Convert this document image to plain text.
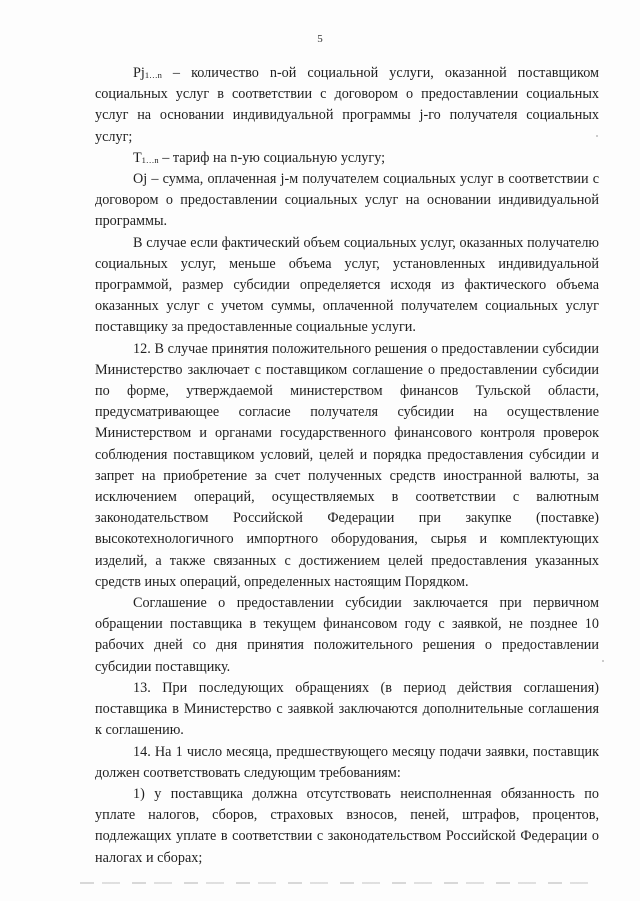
5

$Pj_{1\dots n}$ – количество n-ой социальной услуги, оказанной поставщиком социальных услуг в соответствии с договором о предоставлении социальных услуг на основании индивидуальной программы j-го получателя социальных услуг;

$T_{1\dots n}$ – тариф на n-ую социальную услугу;

Oj – сумма, оплаченная j-м получателем социальных услуг в соответствии с договором о предоставлении социальных услуг на основании индивидуальной программы.

В случае если фактический объем социальных услуг, оказанных получателю социальных услуг, меньше объема услуг, установленных индивидуальной программой, размер субсидии определяется исходя из фактического объема оказанных услуг с учетом суммы, оплаченной получателем социальных услуг поставщику за предоставленные социальные услуги.

12. В случае принятия положительного решения о предоставлении субсидии Министерство заключает с поставщиком соглашение о предоставлении субсидии по форме, утверждаемой министерством финансов Тульской области, предусматривающее согласие получателя субсидии на осуществление Министерством и органами государственного финансового контроля проверок соблюдения поставщиком условий, целей и порядка предоставления субсидии и запрет на приобретение за счет полученных средств иностранной валюты, за исключением операций, осуществляемых в соответствии с валютным законодательством Российской Федерации при закупке (поставке) высокотехнологичного импортного оборудования, сырья и комплектующих изделий, а также связанных с достижением целей предоставления указанных средств иных операций, определенных настоящим Порядком.

Соглашение о предоставлении субсидии заключается при первичном обращении поставщика в текущем финансовом году с заявкой, не позднее 10 рабочих дней со дня принятия положительного решения о предоставлении субсидии поставщику.

13. При последующих обращениях (в период действия соглашения) поставщика в Министерство с заявкой заключаются дополнительные соглашения к соглашению.

14. На 1 число месяца, предшествующего месяцу подачи заявки, поставщик должен соответствовать следующим требованиям:

1) у поставщика должна отсутствовать неисполненная обязанность по уплате налогов, сборов, страховых взносов, пеней, штрафов, процентов, подлежащих уплате в соответствии с законодательством Российской Федерации о налогах и сборах;
